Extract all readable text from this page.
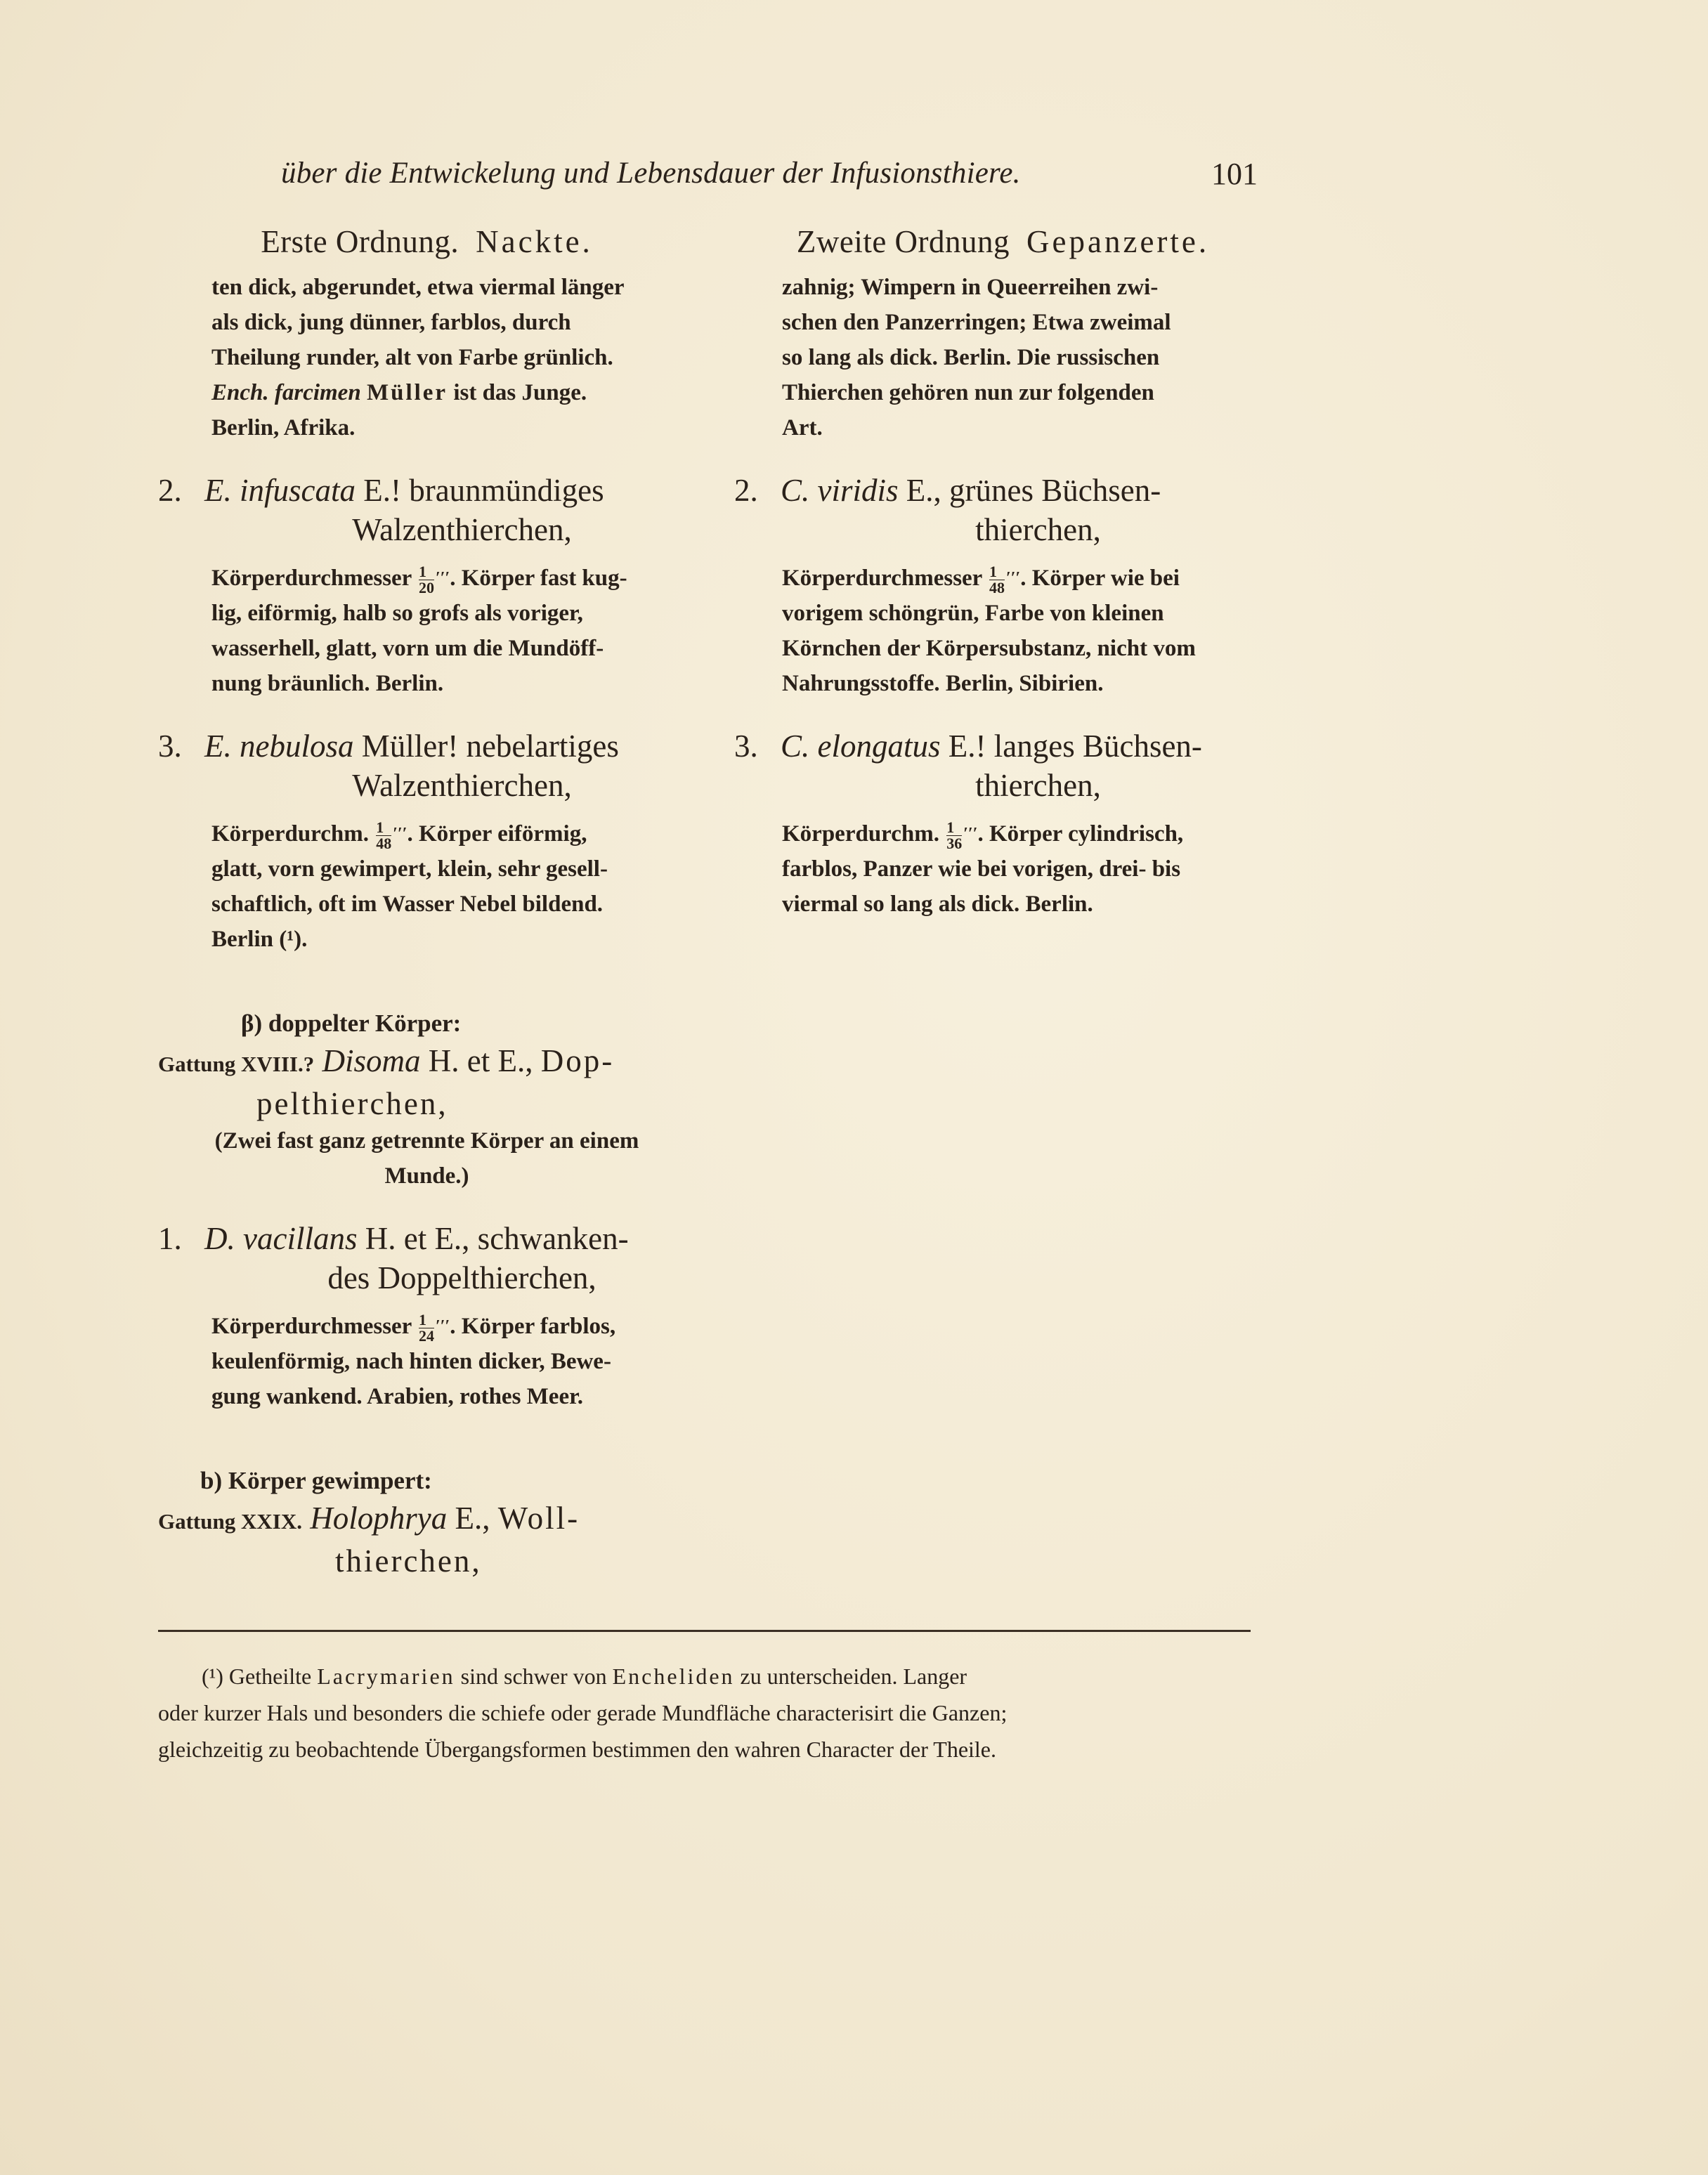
über die Entwickelung und Lebensdauer der Infusionsthiere.	101
Erste Ordnung. Nackte.
ten dick, abgerundet, etwa viermal länger
als dick, jung dünner, farblos, durch
Theilung runder, alt von Farbe grünlich.
Ench. farcimen Müller ist das Junge.
Berlin, Afrika.
2. E. infuscata E.! braunmündiges
Walzenthierchen,
Körperdurchmesser $\frac{1}{20} '''$. Körper fast kug-
lig, eiförmig, halb so grofs als voriger,
wasserhell, glatt, vorn um die Mundöff-
nung bräunlich. Berlin.
3. E. nebulosa Müller! nebelartiges
Walzenthierchen,
Körperdurchm. $\frac{1}{48} '''$. Körper eiförmig,
glatt, vorn gewimpert, klein, sehr gesell-
schaftlich, oft im Wasser Nebel bildend.
Berlin (¹).
β) doppelter Körper:
Gattung XVIII.? Disoma H. et E., Dop-
pelthierchen,
(Zwei fast ganz getrennte Körper an einem
Munde.)
1. D. vacillans H. et E., schwanken-
des Doppelthierchen,
Körperdurchmesser $\frac{1}{24} '''$. Körper farblos,
keulenförmig, nach hinten dicker, Bewe-
gung wankend. Arabien, rothes Meer.
b) Körper gewimpert:
Gattung XXIX. Holophrya E., Woll-
thierchen,
Zweite Ordnung Gepanzerte.
zahnig; Wimpern in Queerreihen zwi-
schen den Panzerringen; Etwa zweimal
so lang als dick. Berlin. Die russischen
Thierchen gehören nun zur folgenden
Art.
2. C. viridis E., grünes Büchsen-
thierchen,
Körperdurchmesser $\frac{1}{48} '''$. Körper wie bei
vorigem schöngrün, Farbe von kleinen
Körnchen der Körpersubstanz, nicht vom
Nahrungsstoffe. Berlin, Sibirien.
3. C. elongatus E.! langes Büchsen-
thierchen,
Körperdurchm. $\frac{1}{36} '''$. Körper cylindrisch,
farblos, Panzer wie bei vorigen, drei- bis
viermal so lang als dick. Berlin.

(¹) Getheilte Lacrymarien sind schwer von Encheliden zu unterscheiden. Langer

oder kurzer Hals und besonders die schiefe oder gerade Mundfläche characterisirt die Ganzen;

gleichzeitig zu beobachtende Übergangsformen bestimmen den wahren Character der Theile.
